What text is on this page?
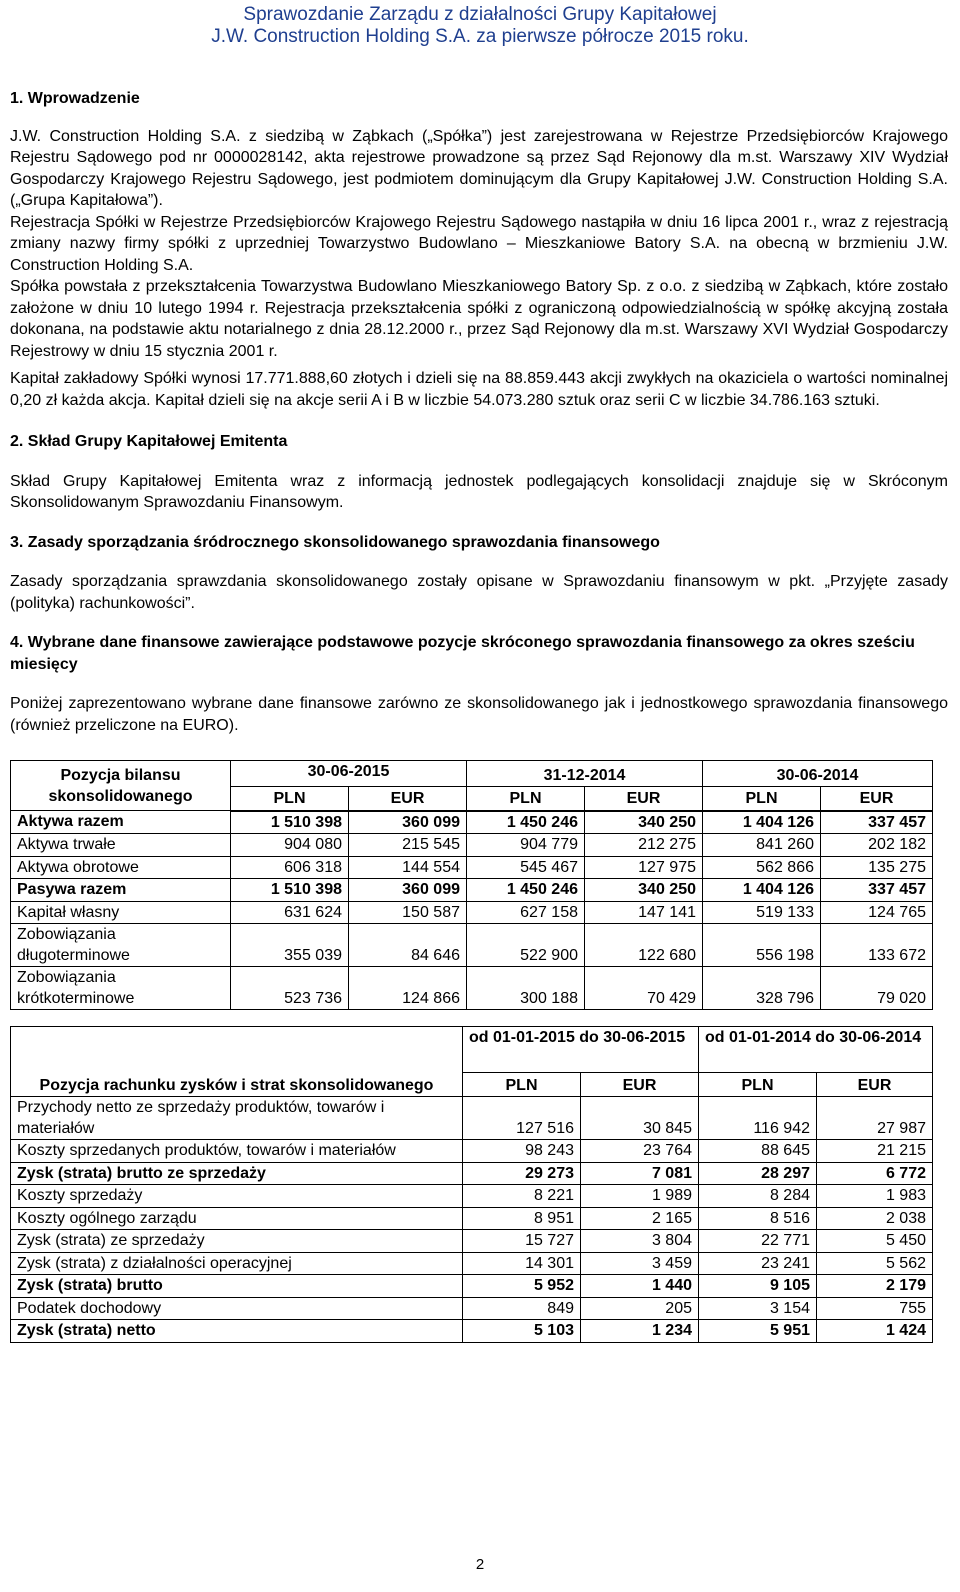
Sprawozdanie Zarządu z działalności Grupy Kapitałowej
J.W. Construction Holding S.A. za pierwsze półrocze 2015 roku.

1. Wprowadzenie

J.W. Construction Holding S.A. z siedzibą w Ząbkach („Spółka”) jest zarejestrowana w Rejestrze Przedsiębiorców Krajowego Rejestru Sądowego pod nr 0000028142, akta rejestrowe prowadzone są przez Sąd Rejonowy dla m.st. Warszawy XIV Wydział Gospodarczy Krajowego Rejestru Sądowego, jest podmiotem dominującym dla Grupy Kapitałowej J.W. Construction Holding S.A. („Grupa Kapitałowa”).

Rejestracja Spółki w Rejestrze Przedsiębiorców Krajowego Rejestru Sądowego nastąpiła w dniu 16 lipca 2001 r., wraz z rejestracją zmiany nazwy firmy spółki z uprzedniej Towarzystwo Budowlano – Mieszkaniowe Batory S.A. na obecną w brzmieniu J.W. Construction Holding S.A.

Spółka powstała z przekształcenia Towarzystwa Budowlano Mieszkaniowego Batory Sp. z o.o. z siedzibą w Ząbkach, które zostało założone w dniu 10 lutego 1994 r. Rejestracja przekształcenia spółki z ograniczoną odpowiedzialnością w spółkę akcyjną została dokonana, na podstawie aktu notarialnego z dnia 28.12.2000 r., przez Sąd Rejonowy dla m.st. Warszawy XVI Wydział Gospodarczy Rejestrowy w dniu 15 stycznia 2001 r.

Kapitał zakładowy Spółki wynosi 17.771.888,60 złotych i dzieli się na 88.859.443 akcji zwykłych na okaziciela o wartości nominalnej 0,20 zł każda akcja. Kapitał dzieli się na akcje serii A i B w liczbie 54.073.280 sztuk oraz serii C w liczbie 34.786.163 sztuki.

2. Skład Grupy Kapitałowej Emitenta

Skład Grupy Kapitałowej Emitenta wraz z informacją jednostek podlegających konsolidacji znajduje się w Skróconym Skonsolidowanym Sprawozdaniu Finansowym.

3. Zasady sporządzania śródrocznego skonsolidowanego sprawozdania finansowego

Zasady sporządzania sprawzdania skonsolidowanego zostały opisane w Sprawozdaniu finansowym w pkt. „Przyjęte zasady (polityka) rachunkowości”.

4. Wybrane dane finansowe zawierające podstawowe pozycje skróconego sprawozdania finansowego za okres sześciu miesięcy

Poniżej zaprezentowano wybrane dane finansowe zarówno ze skonsolidowanego jak i jednostkowego sprawozdania finansowego (również przeliczone na EURO).

Pozycja bilansu skonsolidowanego	30-06-2015		31-12-2014		30-06-2014	
	PLN	EUR	PLN	EUR	PLN	EUR
Aktywa razem	1 510 398	360 099	1 450 246	340 250	1 404 126	337 457
Aktywa trwałe	904 080	215 545	904 779	212 275	841 260	202 182
Aktywa obrotowe	606 318	144 554	545 467	127 975	562 866	135 275
Pasywa razem	1 510 398	360 099	1 450 246	340 250	1 404 126	337 457
Kapitał własny	631 624	150 587	627 158	147 141	519 133	124 765
Zobowiązania długoterminowe	355 039	84 646	522 900	122 680	556 198	133 672
Zobowiązania krótkoterminowe	523 736	124 866	300 188	70 429	328 796	79 020
Pozycja rachunku zysków i strat skonsolidowanego	od 01-01-2015 do 30-06-2015		od 01-01-2014 do 30-06-2014	
	PLN	EUR	PLN	EUR
Przychody netto ze sprzedaży produktów, towarów i materiałów	127 516	30 845	116 942	27 987
Koszty sprzedanych produktów, towarów i materiałów	98 243	23 764	88 645	21 215
Zysk (strata) brutto ze sprzedaży	29 273	7 081	28 297	6 772
Koszty sprzedaży	8 221	1 989	8 284	1 983
Koszty ogólnego zarządu	8 951	2 165	8 516	2 038
Zysk (strata) ze sprzedaży	15 727	3 804	22 771	5 450
Zysk (strata) z działalności operacyjnej	14 301	3 459	23 241	5 562
Zysk (strata) brutto	5 952	1 440	9 105	2 179
Podatek dochodowy	849	205	3 154	755
Zysk (strata) netto	5 103	1 234	5 951	1 424
2
